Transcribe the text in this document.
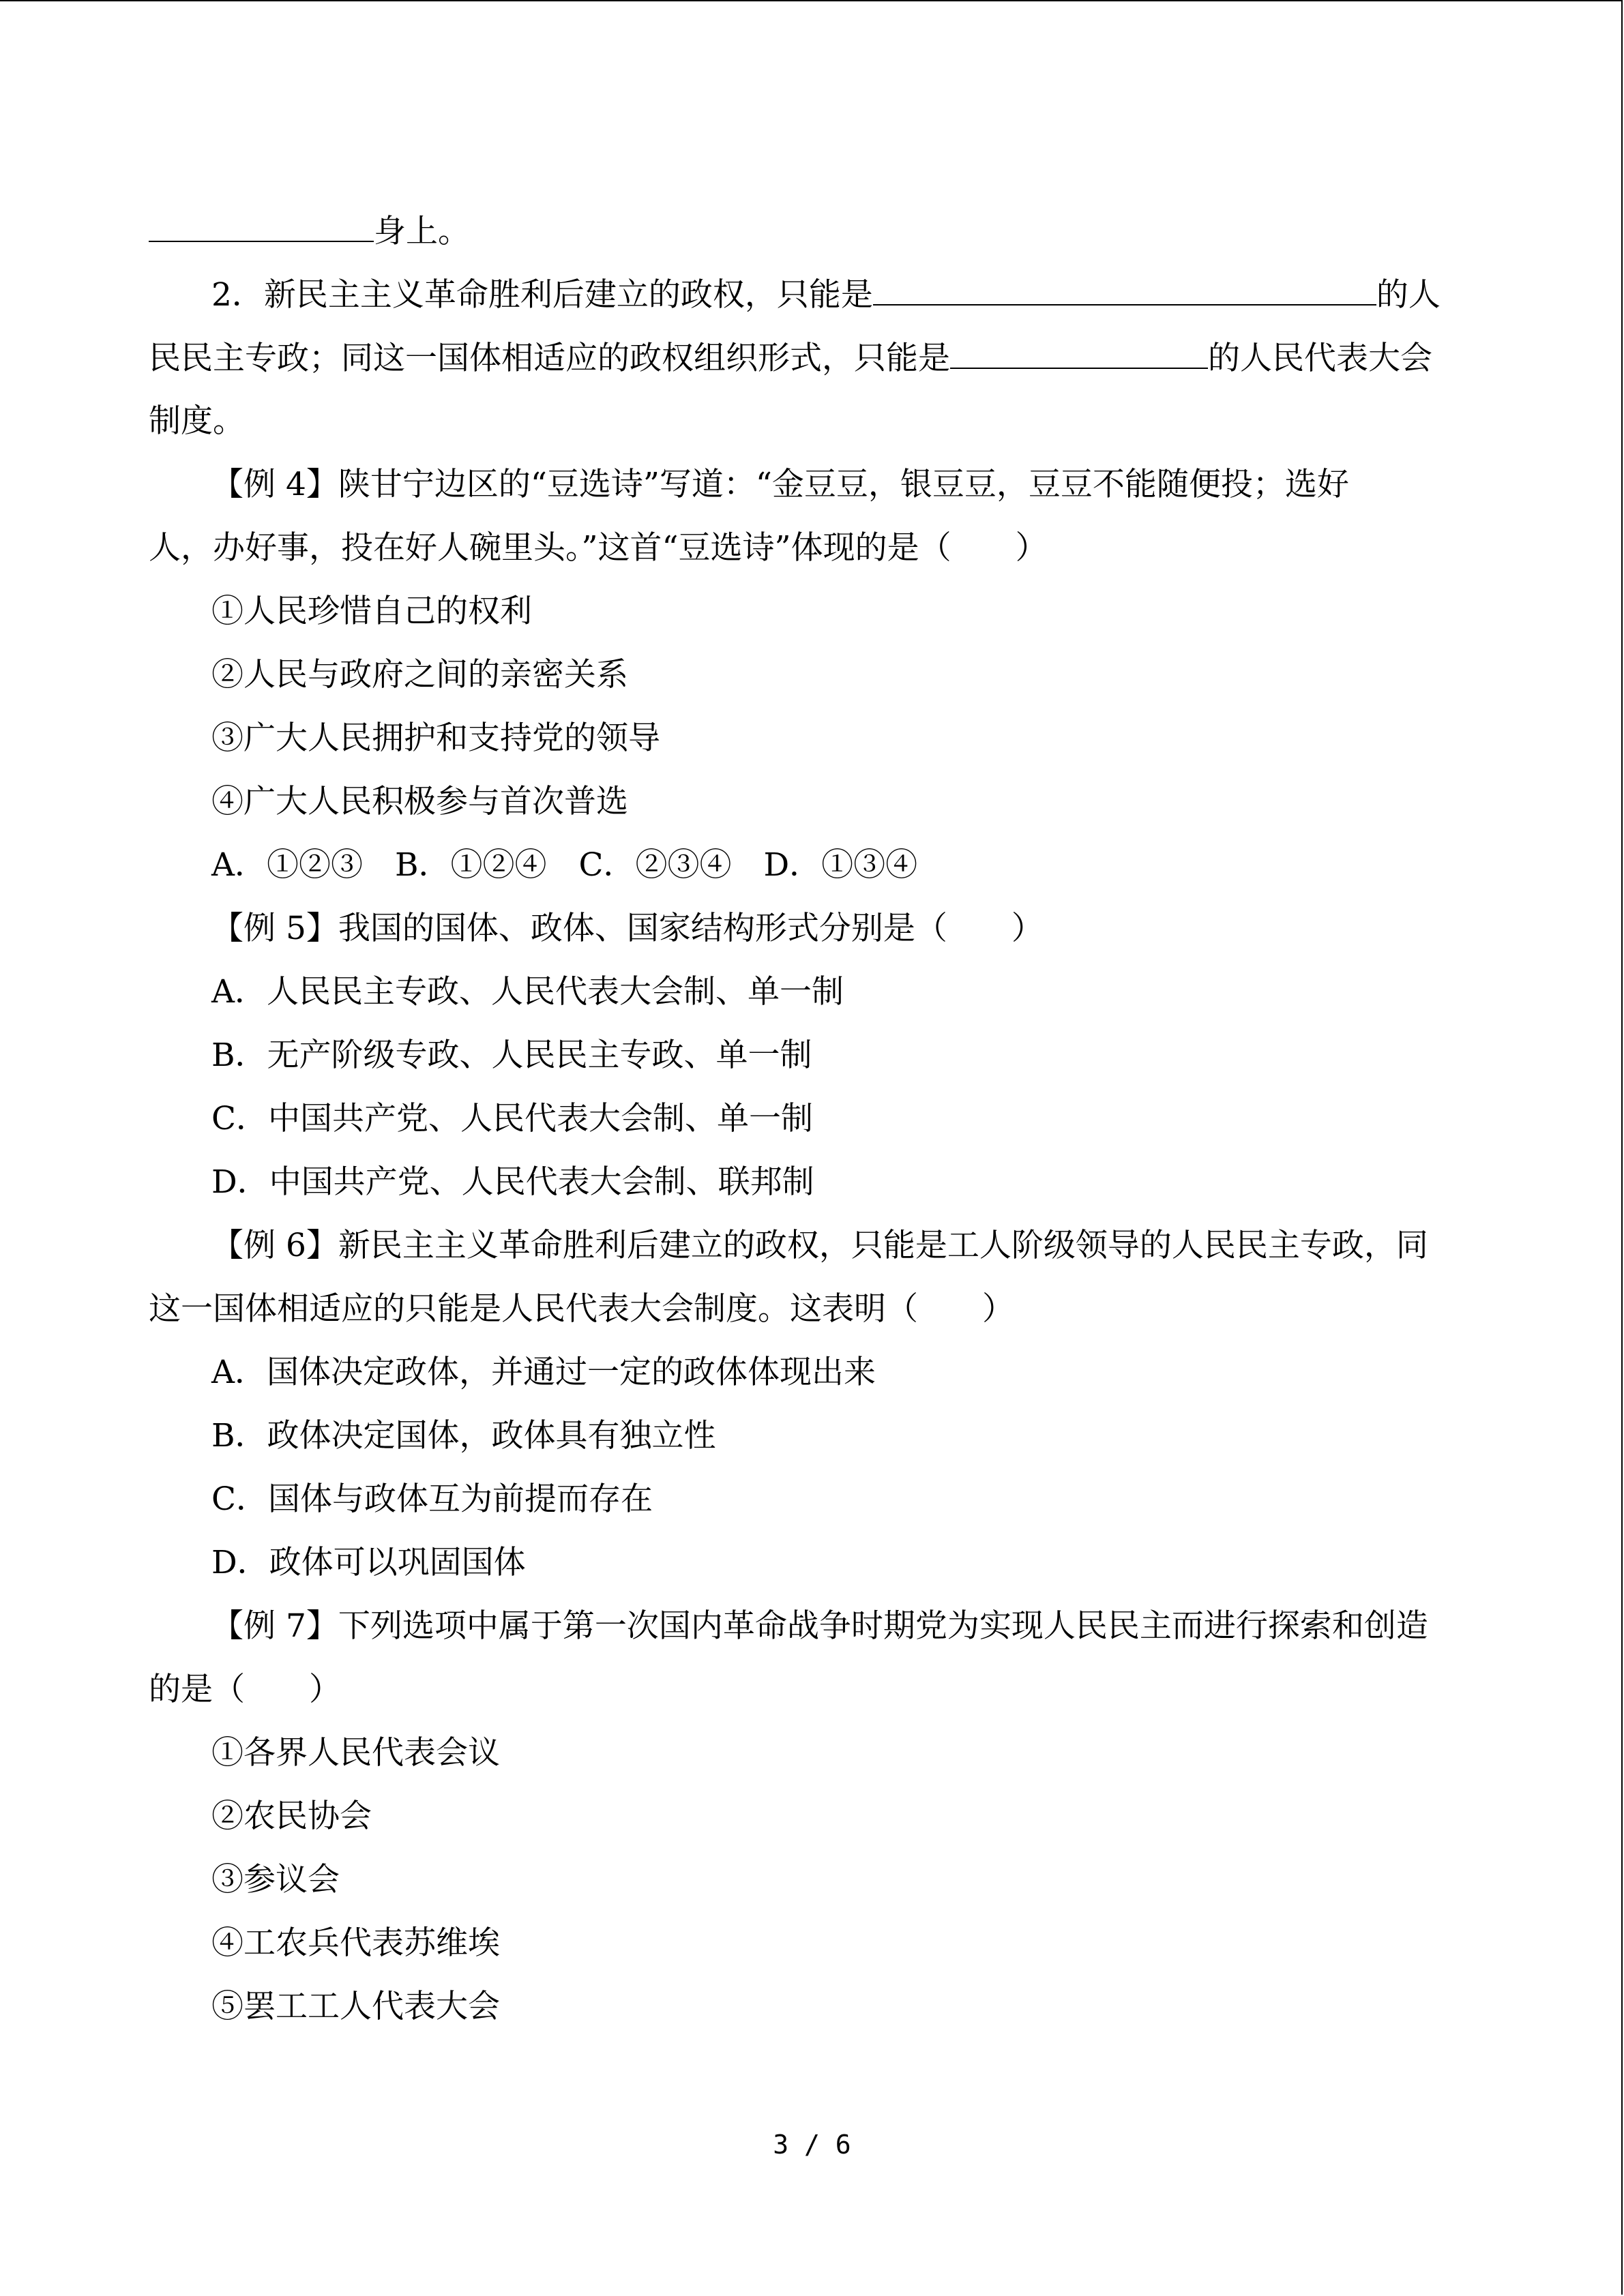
身上。
2．新民主主义革命胜利后建立的政权，只能是	的人
民民主专政；同这一国体相适应的政权组织形式，只能是	的人民代表大会
制度。
【例 4】陕甘宁边区的“豆选诗”写道：“金豆豆，银豆豆，豆豆不能随便投；选好
人，办好事，投在好人碗里头。”这首“豆选诗”体现的是（　　）
①人民珍惜自己的权利
②人民与政府之间的亲密关系
③广大人民拥护和支持党的领导
④广大人民积极参与首次普选
A．①②③　B．①②④　C．②③④　D．①③④
【例 5】我国的国体、政体、国家结构形式分别是（　　）
A．人民民主专政、人民代表大会制、单一制
B．无产阶级专政、人民民主专政、单一制
C．中国共产党、人民代表大会制、单一制
D．中国共产党、人民代表大会制、联邦制
【例 6】新民主主义革命胜利后建立的政权，只能是工人阶级领导的人民民主专政，同
这一国体相适应的只能是人民代表大会制度。这表明（　　）
A．国体决定政体，并通过一定的政体体现出来
B．政体决定国体，政体具有独立性
C．国体与政体互为前提而存在
D．政体可以巩固国体
【例 7】下列选项中属于第一次国内革命战争时期党为实现人民民主而进行探索和创造
的是（　　）
①各界人民代表会议
②农民协会
③参议会
④工农兵代表苏维埃
⑤罢工工人代表大会
3 / 6
